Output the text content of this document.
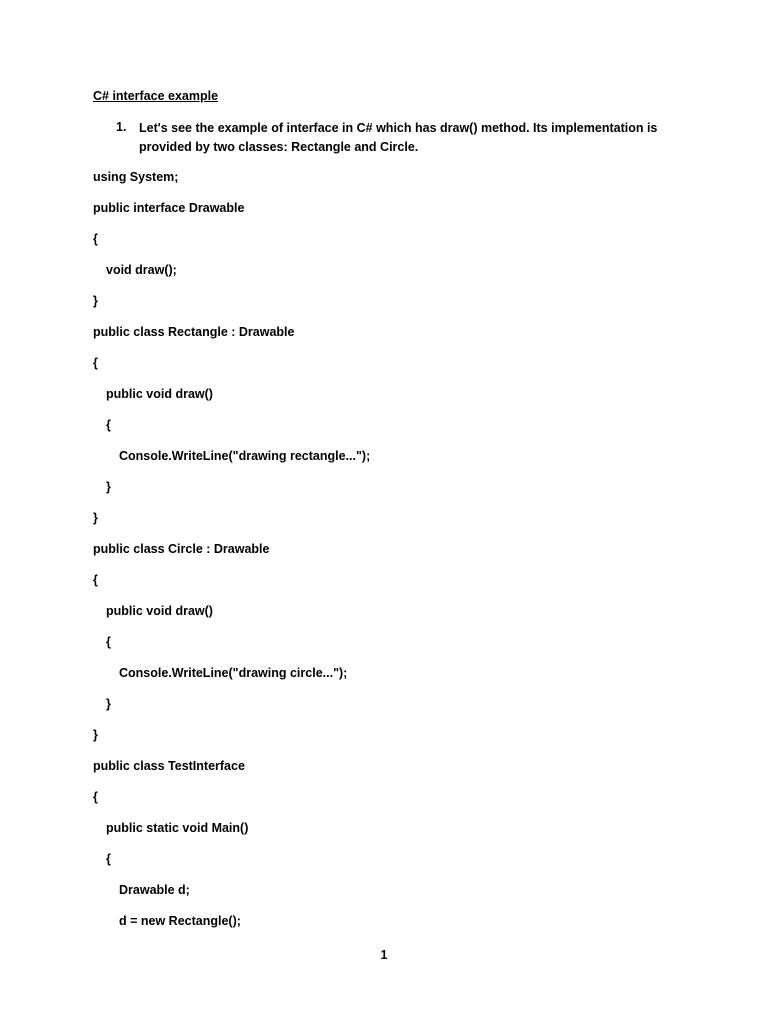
C# interface example
1. Let's see the example of interface in C# which has draw() method. Its implementation is provided by two classes: Rectangle and Circle.
using System;
public interface Drawable
{
void draw();
}
public class Rectangle : Drawable
{
public void draw()
{
Console.WriteLine("drawing rectangle...");
}
}
public class Circle : Drawable
{
public void draw()
{
Console.WriteLine("drawing circle...");
}
}
public class TestInterface
{
public static void Main()
{
Drawable d;
d = new Rectangle();
1
